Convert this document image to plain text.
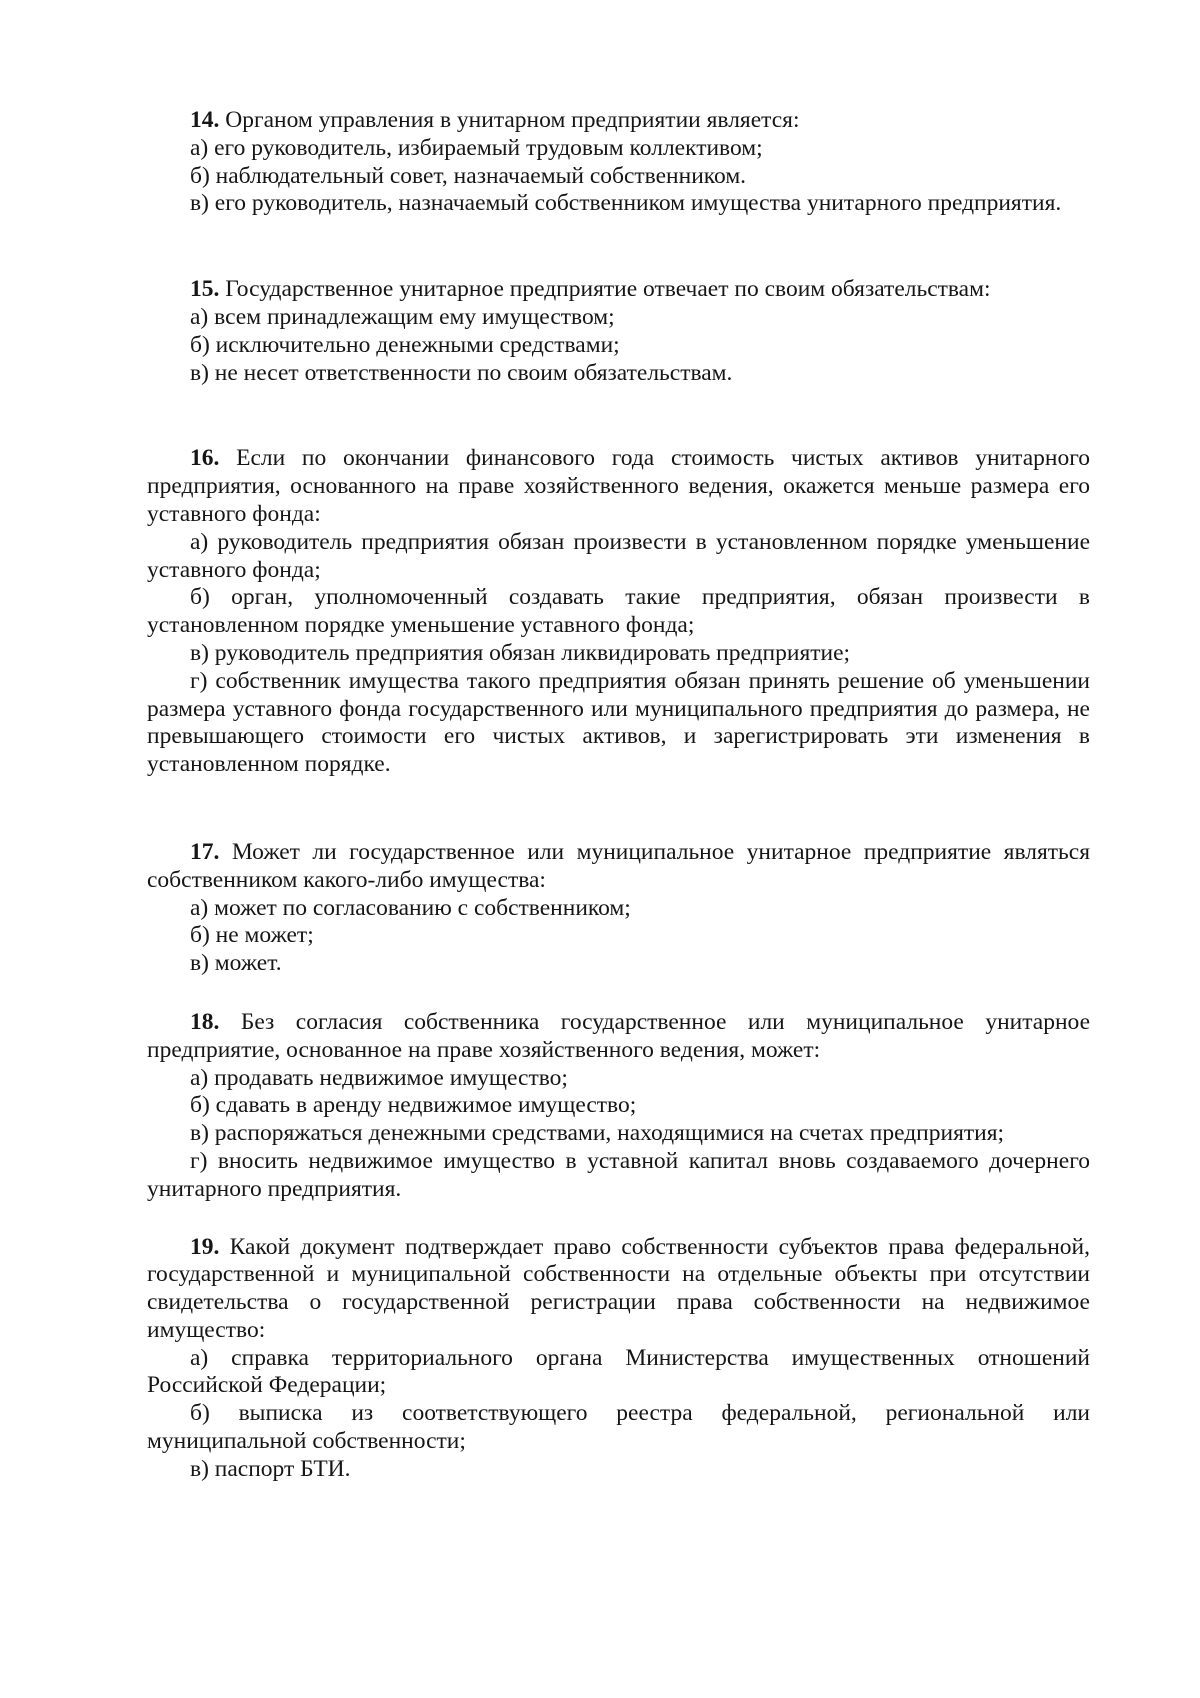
14. Органом управления в унитарном предприятии является:

а) его руководитель, избираемый трудовым коллективом;

б) наблюдательный совет, назначаемый собственником.

в) его руководитель, назначаемый собственником имущества унитарного предприятия.

15. Государственное унитарное предприятие отвечает по своим обязательствам:

а) всем принадлежащим ему имуществом;

б) исключительно денежными средствами;

в) не несет ответственности по своим обязательствам.

16. Если по окончании финансового года стоимость чистых активов унитарного предприятия, основанного на праве хозяйственного ведения, окажется меньше размера его уставного фонда:

а) руководитель предприятия обязан произвести в установленном порядке уменьшение уставного фонда;

б) орган, уполномоченный создавать такие предприятия, обязан произвести в установленном порядке уменьшение уставного фонда;

в) руководитель предприятия обязан ликвидировать предприятие;

г) собственник имущества такого предприятия обязан принять решение об уменьшении размера уставного фонда государственного или муниципального предприятия до размера, не превышающего стоимости его чистых активов, и зарегистрировать эти изменения в установленном порядке.

17. Может ли государственное или муниципальное унитарное предприятие являться собственником какого-либо имущества:

а) может по согласованию с собственником;

б) не может;

в) может.

18. Без согласия собственника государственное или муниципальное унитарное предприятие, основанное на праве хозяйственного ведения, может:

а) продавать недвижимое имущество;

б) сдавать в аренду недвижимое имущество;

в) распоряжаться денежными средствами, находящимися на счетах предприятия;

г) вносить недвижимое имущество в уставной капитал вновь создаваемого дочернего унитарного предприятия.

19. Какой документ подтверждает право собственности субъектов права федеральной, государственной и муниципальной собственности на отдельные объекты при отсутствии свидетельства о государственной регистрации права собственности на недвижимое имущество:

а) справка территориального органа Министерства имущественных отношений Российской Федерации;

б) выписка из соответствующего реестра федеральной, региональной или муниципальной собственности;

в) паспорт БТИ.
